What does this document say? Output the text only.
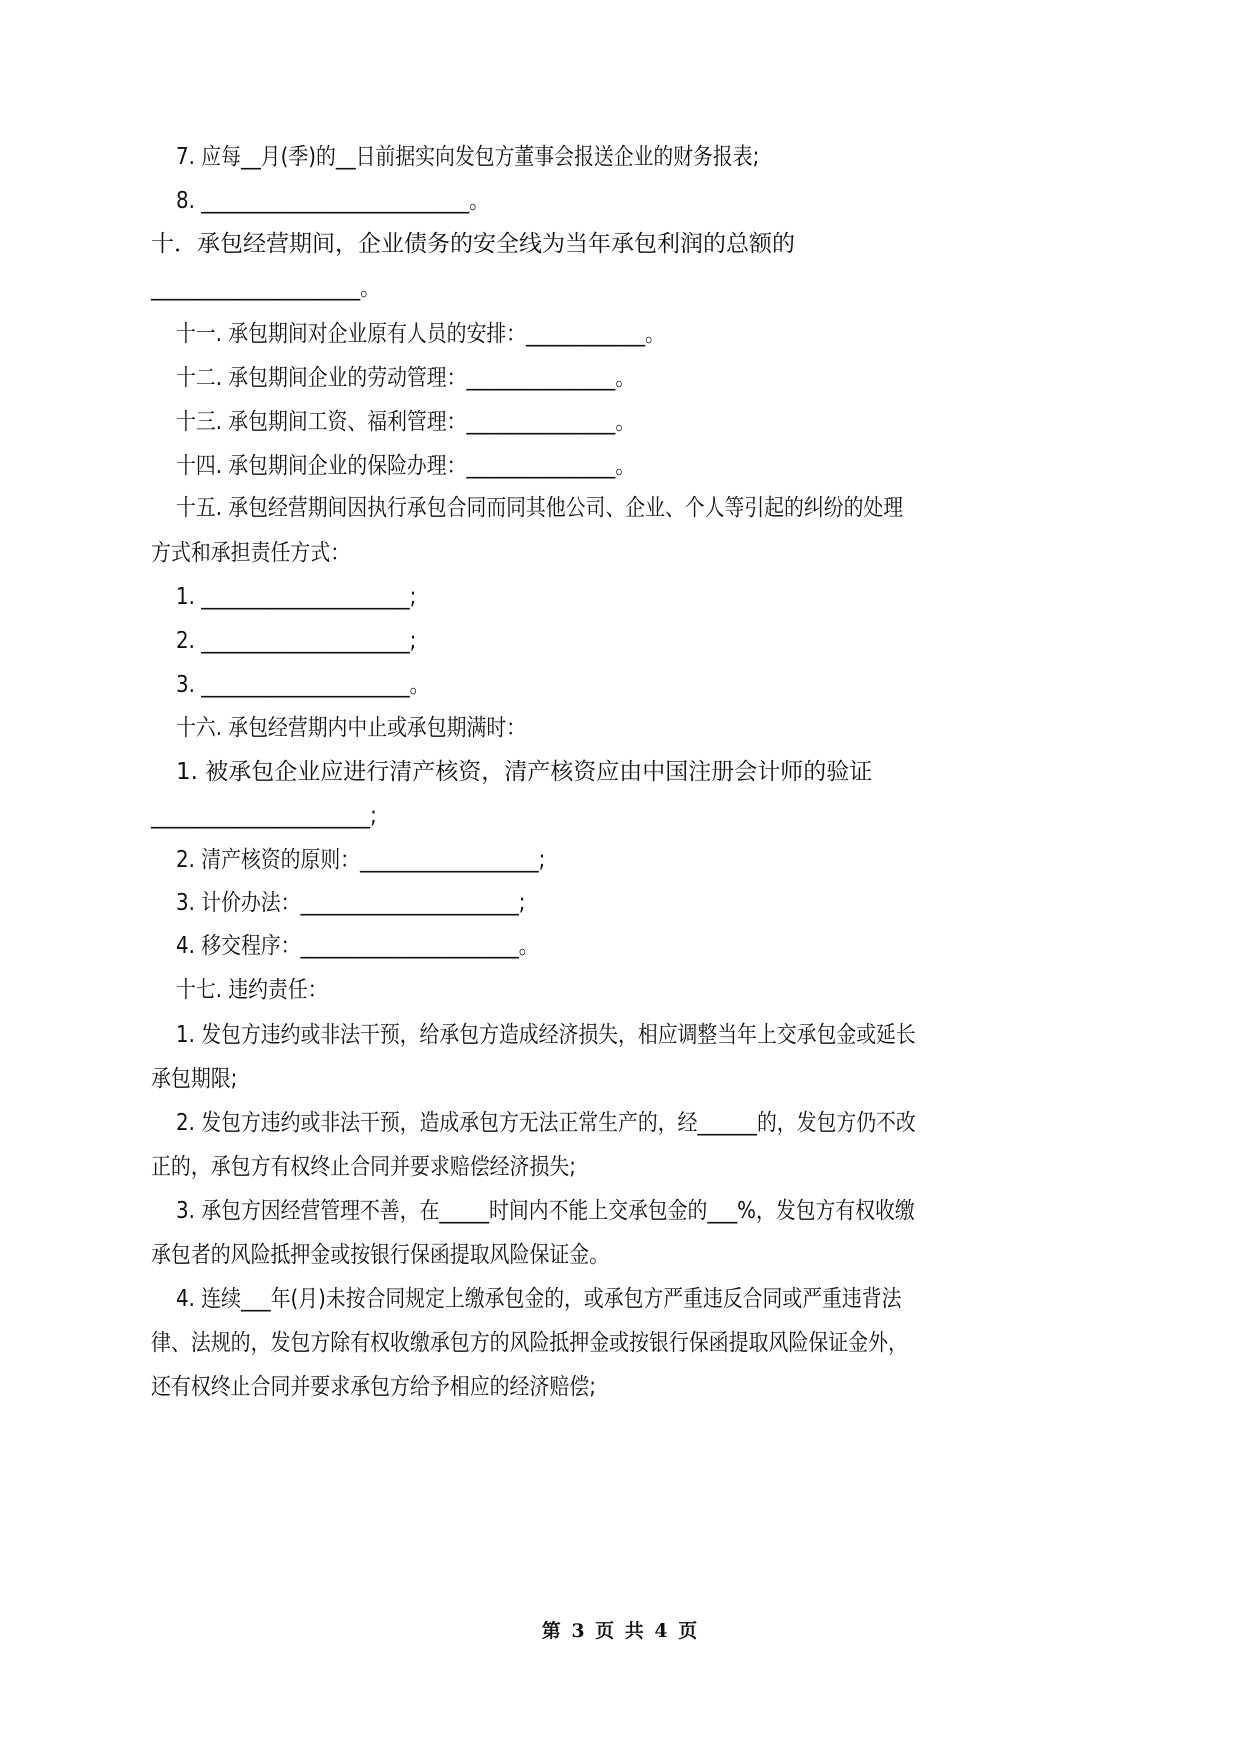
7. 应每__月(季)的__日前据实向发包方董事会报送企业的财务报表;
8. ___________________________。
十．承包经营期间，企业债务的安全线为当年承包利润的总额的
_____________________。
十一. 承包期间对企业原有人员的安排：____________。
十二. 承包期间企业的劳动管理：_______________。
十三. 承包期间工资、福利管理：_______________。
十四. 承包期间企业的保险办理：_______________。
十五. 承包经营期间因执行承包合同而同其他公司、企业、个人等引起的纠纷的处理
方式和承担责任方式：
1. _____________________;
2. _____________________;
3. _____________________。
十六. 承包经营期内中止或承包期满时：
1. 被承包企业应进行清产核资，清产核资应由中国注册会计师的验证
______________________;
2. 清产核资的原则：__________________;
3. 计价办法：______________________;
4. 移交程序：______________________。
十七. 违约责任：
1. 发包方违约或非法干预，给承包方造成经济损失，相应调整当年上交承包金或延长
承包期限;
2. 发包方违约或非法干预，造成承包方无法正常生产的，经______的，发包方仍不改
正的，承包方有权终止合同并要求赔偿经济损失;
3. 承包方因经营管理不善，在_____时间内不能上交承包金的___%，发包方有权收缴
承包者的风险抵押金或按银行保函提取风险保证金。
4. 连续___年(月)未按合同规定上缴承包金的，或承包方严重违反合同或严重违背法
律、法规的，发包方除有权收缴承包方的风险抵押金或按银行保函提取风险保证金外，
还有权终止合同并要求承包方给予相应的经济赔偿;
第 3 页 共 4 页
